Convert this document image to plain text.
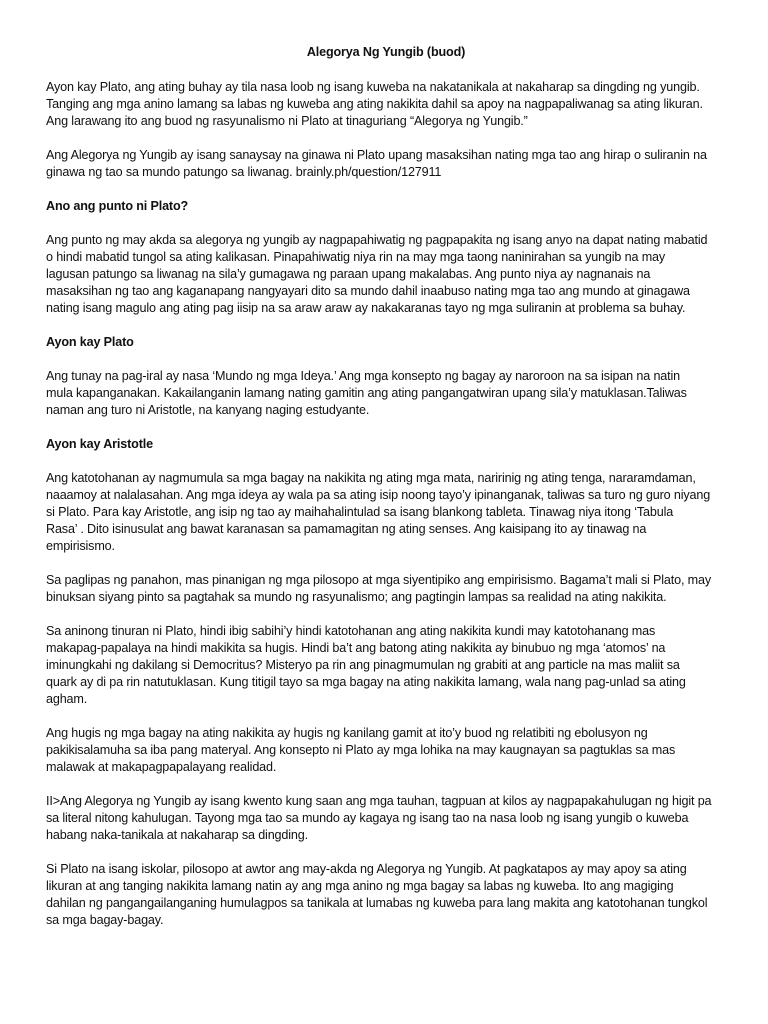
Alegorya Ng Yungib (buod)
Ayon kay Plato, ang ating buhay ay tila nasa loob ng isang kuweba na nakatanikala at nakaharap sa dingding ng yungib.
Tanging ang mga anino lamang sa labas ng kuweba ang ating nakikita dahil sa apoy na nagpapaliwanag sa ating likuran.
Ang larawang ito ang buod ng rasyunalismo ni Plato at tinaguriang “Alegorya ng Yungib.”
Ang Alegorya ng Yungib ay isang sanaysay na ginawa ni Plato upang masaksihan nating mga tao ang hirap o suliranin na
ginawa ng tao sa mundo patungo sa liwanag. brainly.ph/question/127911
Ano ang punto ni Plato?
Ang punto ng may akda sa alegorya ng yungib ay nagpapahiwatig ng pagpapakita ng isang anyo na dapat nating mabatid
o hindi mabatid tungol sa ating kalikasan. Pinapahiwatig niya rin na may mga taong naninirahan sa yungib na may
lagusan patungo sa liwanag na sila’y gumagawa ng paraan upang makalabas. Ang punto niya ay nagnanais na
masaksihan ng tao ang kaganapang nangyayari dito sa mundo dahil inaabuso nating mga tao ang mundo at ginagawa
nating isang magulo ang ating pag iisip na sa araw araw ay nakakaranas tayo ng mga suliranin at problema sa buhay.
Ayon kay Plato
Ang tunay na pag-iral ay nasa ‘Mundo ng mga Ideya.’ Ang mga konsepto ng bagay ay naroroon na sa isipan na natin
mula kapanganakan. Kakailanganin lamang nating gamitin ang ating pangangatwiran upang sila’y matuklasan.Taliwas
naman ang turo ni Aristotle, na kanyang naging estudyante.
Ayon kay Aristotle
Ang katotohanan ay nagmumula sa mga bagay na nakikita ng ating mga mata, naririnig ng ating tenga, nararamdaman,
naaamoy at nalalasahan. Ang mga ideya ay wala pa sa ating isip noong tayo’y ipinanganak, taliwas sa turo ng guro niyang
si Plato. Para kay Aristotle, ang isip ng tao ay maihahalintulad sa isang blankong tableta. Tinawag niya itong ‘Tabula
Rasa’ . Dito isinusulat ang bawat karanasan sa pamamagitan ng ating senses. Ang kaisipang ito ay tinawag na
empirisismo.
Sa paglipas ng panahon, mas pinanigan ng mga pilosopo at mga siyentipiko ang empirisismo. Bagama’t mali si Plato, may
binuksan siyang pinto sa pagtahak sa mundo ng rasyunalismo; ang pagtingin lampas sa realidad na ating nakikita.
Sa aninong tinuran ni Plato, hindi ibig sabihi’y hindi katotohanan ang ating nakikita kundi may katotohanang mas
makapag-papalaya na hindi makikita sa hugis. Hindi ba’t ang batong ating nakikita ay binubuo ng mga ‘atomos’ na
iminungkahi ng dakilang si Democritus? Misteryo pa rin ang pinagmumulan ng grabiti at ang particle na mas maliit sa
quark ay di pa rin natutuklasan. Kung titigil tayo sa mga bagay na ating nakikita lamang, wala nang pag-unlad sa ating
agham.
Ang hugis ng mga bagay na ating nakikita ay hugis ng kanilang gamit at ito’y buod ng relatibiti ng ebolusyon ng
pakikisalamuha sa iba pang materyal. Ang konsepto ni Plato ay mga lohika na may kaugnayan sa pagtuklas sa mas
malawak at makapagpapalayang realidad.
II>Ang Alegorya ng Yungib ay isang kwento kung saan ang mga tauhan, tagpuan at kilos ay nagpapakahulugan ng higit pa
sa literal nitong kahulugan. Tayong mga tao sa mundo ay kagaya ng isang tao na nasa loob ng isang yungib o kuweba
habang naka-tanikala at nakaharap sa dingding.
Si Plato na isang iskolar, pilosopo at awtor ang may-akda ng Alegorya ng Yungib. At pagkatapos ay may apoy sa ating
likuran at ang tanging nakikita lamang natin ay ang mga anino ng mga bagay sa labas ng kuweba. Ito ang magiging
dahilan ng pangangailanganing humulagpos sa tanikala at lumabas ng kuweba para lang makita ang katotohanan tungkol
sa mga bagay-bagay.
